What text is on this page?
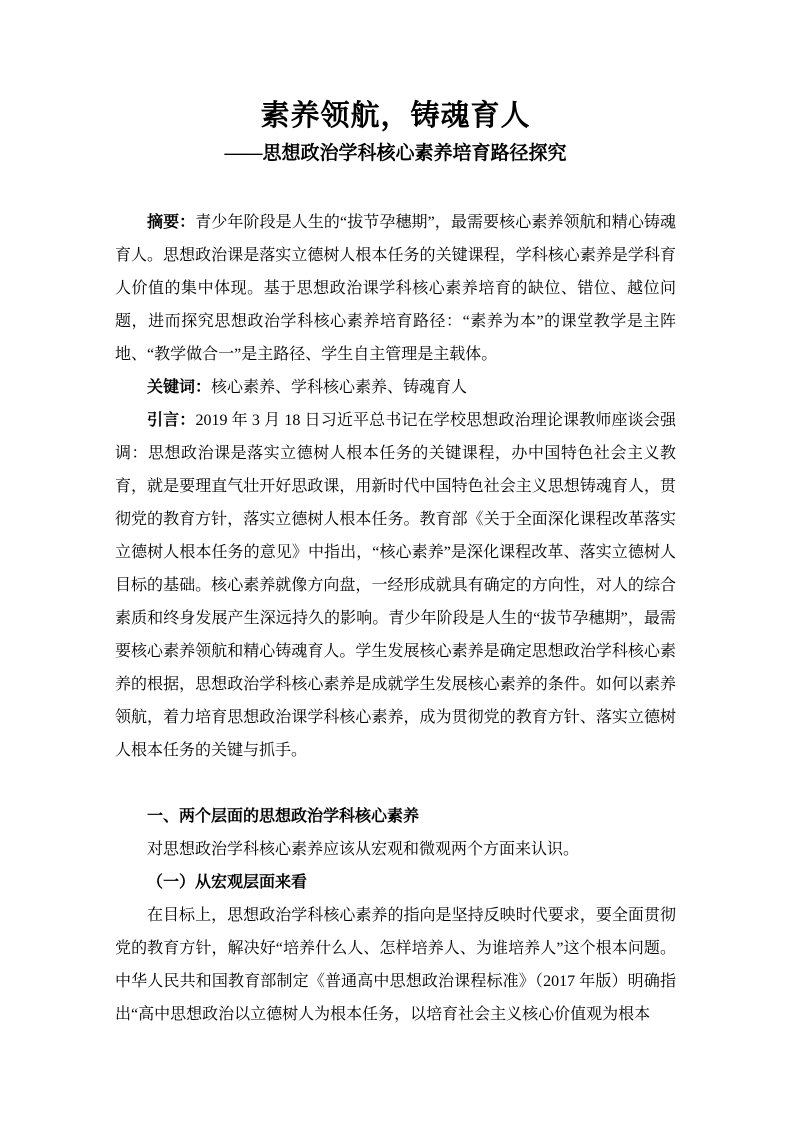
素养领航，铸魂育人
——思想政治学科核心素养培育路径探究

摘要：青少年阶段是人生的“拔节孕穗期”，最需要核心素养领航和精心铸魂育人。思想政治课是落实立德树人根本任务的关键课程，学科核心素养是学科育人价值的集中体现。基于思想政治课学科核心素养培育的缺位、错位、越位问题，进而探究思想政治学科核心素养培育路径：“素养为本”的课堂教学是主阵地、“教学做合一”是主路径、学生自主管理是主载体。

关键词：核心素养、学科核心素养、铸魂育人

引言：2019 年 3 月 18 日习近平总书记在学校思想政治理论课教师座谈会强调：思想政治课是落实立德树人根本任务的关键课程，办中国特色社会主义教育，就是要理直气壮开好思政课，用新时代中国特色社会主义思想铸魂育人，贯彻党的教育方针，落实立德树人根本任务。教育部《关于全面深化课程改革落实立德树人根本任务的意见》中指出，“核心素养”是深化课程改革、落实立德树人目标的基础。核心素养就像方向盘，一经形成就具有确定的方向性，对人的综合素质和终身发展产生深远持久的影响。青少年阶段是人生的“拔节孕穗期”，最需要核心素养领航和精心铸魂育人。学生发展核心素养是确定思想政治学科核心素养的根据，思想政治学科核心素养是成就学生发展核心素养的条件。如何以素养领航，着力培育思想政治课学科核心素养，成为贯彻党的教育方针、落实立德树人根本任务的关键与抓手。

一、两个层面的思想政治学科核心素养

对思想政治学科核心素养应该从宏观和微观两个方面来认识。

（一）从宏观层面来看

在目标上，思想政治学科核心素养的指向是坚持反映时代要求，要全面贯彻党的教育方针，解决好“培养什么人、怎样培养人、为谁培养人”这个根本问题。中华人民共和国教育部制定《普通高中思想政治课程标准》（2017 年版）明确指出“高中思想政治以立德树人为根本任务，以培育社会主义核心价值观为根本
